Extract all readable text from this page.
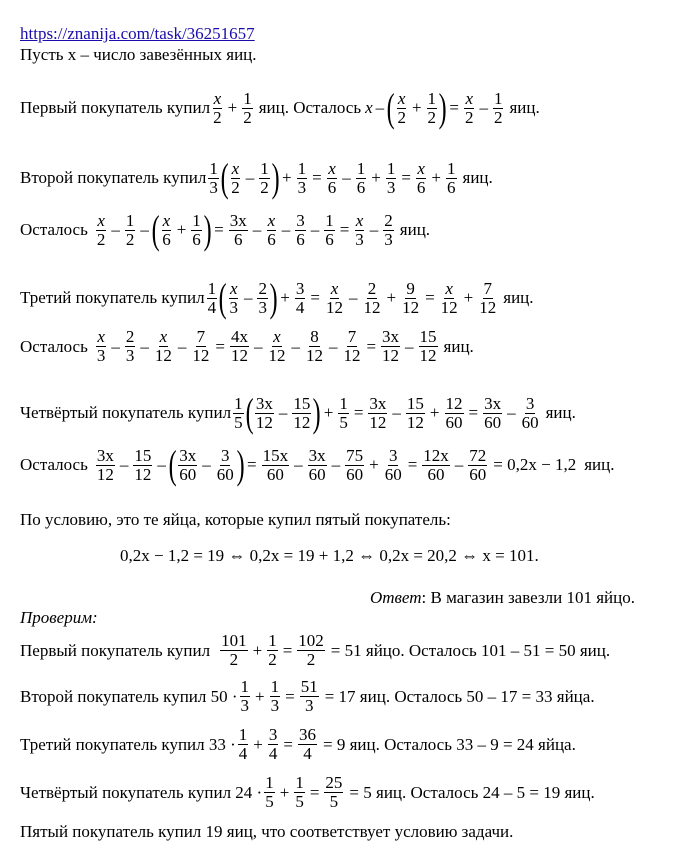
https://znanija.com/task/36251657
Пусть x – число завезённых яиц.
Первый покупатель купил $\frac{x}{2} + \frac{1}{2}$ яиц. Осталось x – ( $\frac{x}{2} + \frac{1}{2}$ ) = $\frac{x}{2} - \frac{1}{2}$ яиц.
Второй покупатель купил $\frac{1}{3}$ ( $\frac{x}{2} - \frac{1}{2}$ ) + $\frac{1}{3} = \frac{x}{6} - \frac{1}{6} + \frac{1}{3} = \frac{x}{6} + \frac{1}{6}$ яиц.
Осталось $\frac{x}{2} - \frac{1}{2}$ – ( $\frac{x}{6} + \frac{1}{6}$ ) = $\frac{3x}{6} - \frac{x}{6} - \frac{3}{6} - \frac{1}{6} = \frac{x}{3} - \frac{2}{3}$ яиц.
Третий покупатель купил $\frac{1}{4}$ ( $\frac{x}{3} - \frac{2}{3}$ ) + $\frac{3}{4} = \frac{x}{12} - \frac{2}{12} + \frac{9}{12} = \frac{x}{12} + \frac{7}{12}$ яиц.
Осталось $\frac{x}{3} - \frac{2}{3} - \frac{x}{12} - \frac{7}{12} = \frac{4x}{12} - \frac{x}{12} - \frac{8}{12} - \frac{7}{12} = \frac{3x}{12} - \frac{15}{12}$ яиц.
Четвёртый покупатель купил $\frac{1}{5}$ ( $\frac{3x}{12} - \frac{15}{12}$ ) + $\frac{1}{5} = \frac{3x}{12} - \frac{15}{12} + \frac{12}{60} = \frac{3x}{60} - \frac{3}{60}$ яиц.
Осталось $\frac{3x}{12} - \frac{15}{12}$ – ( $\frac{3x}{60} - \frac{3}{60}$ ) = $\frac{15x}{60} - \frac{3x}{60} - \frac{75}{60} + \frac{3}{60} = \frac{12x}{60} - \frac{72}{60} = 0,2x - 1,2$ яиц.
По условию, это те яйца, которые купил пятый покупатель:
0,2x − 1,2 = 19 ⇔ 0,2x = 19 + 1,2 ⇔ 0,2x = 20,2 ⇔ x = 101.
Ответ: В магазин завезли 101 яйцо.
Проверим:
Первый покупатель купил $\frac{101}{2} + \frac{1}{2} = \frac{102}{2} = 51$ яйцо. Осталось 101 – 51 = 50 яиц.
Второй покупатель купил $50 \cdot \frac{1}{3} + \frac{1}{3} = \frac{51}{3} = 17$ яиц. Осталось 50 – 17 = 33 яйца.
Третий покупатель купил $33 \cdot \frac{1}{4} + \frac{3}{4} = \frac{36}{4} = 9$ яиц. Осталось 33 – 9 = 24 яйца.
Четвёртый покупатель купил $24 \cdot \frac{1}{5} + \frac{1}{5} = \frac{25}{5} = 5$ яиц. Осталось 24 – 5 = 19 яиц.
Пятый покупатель купил 19 яиц, что соответствует условию задачи.
